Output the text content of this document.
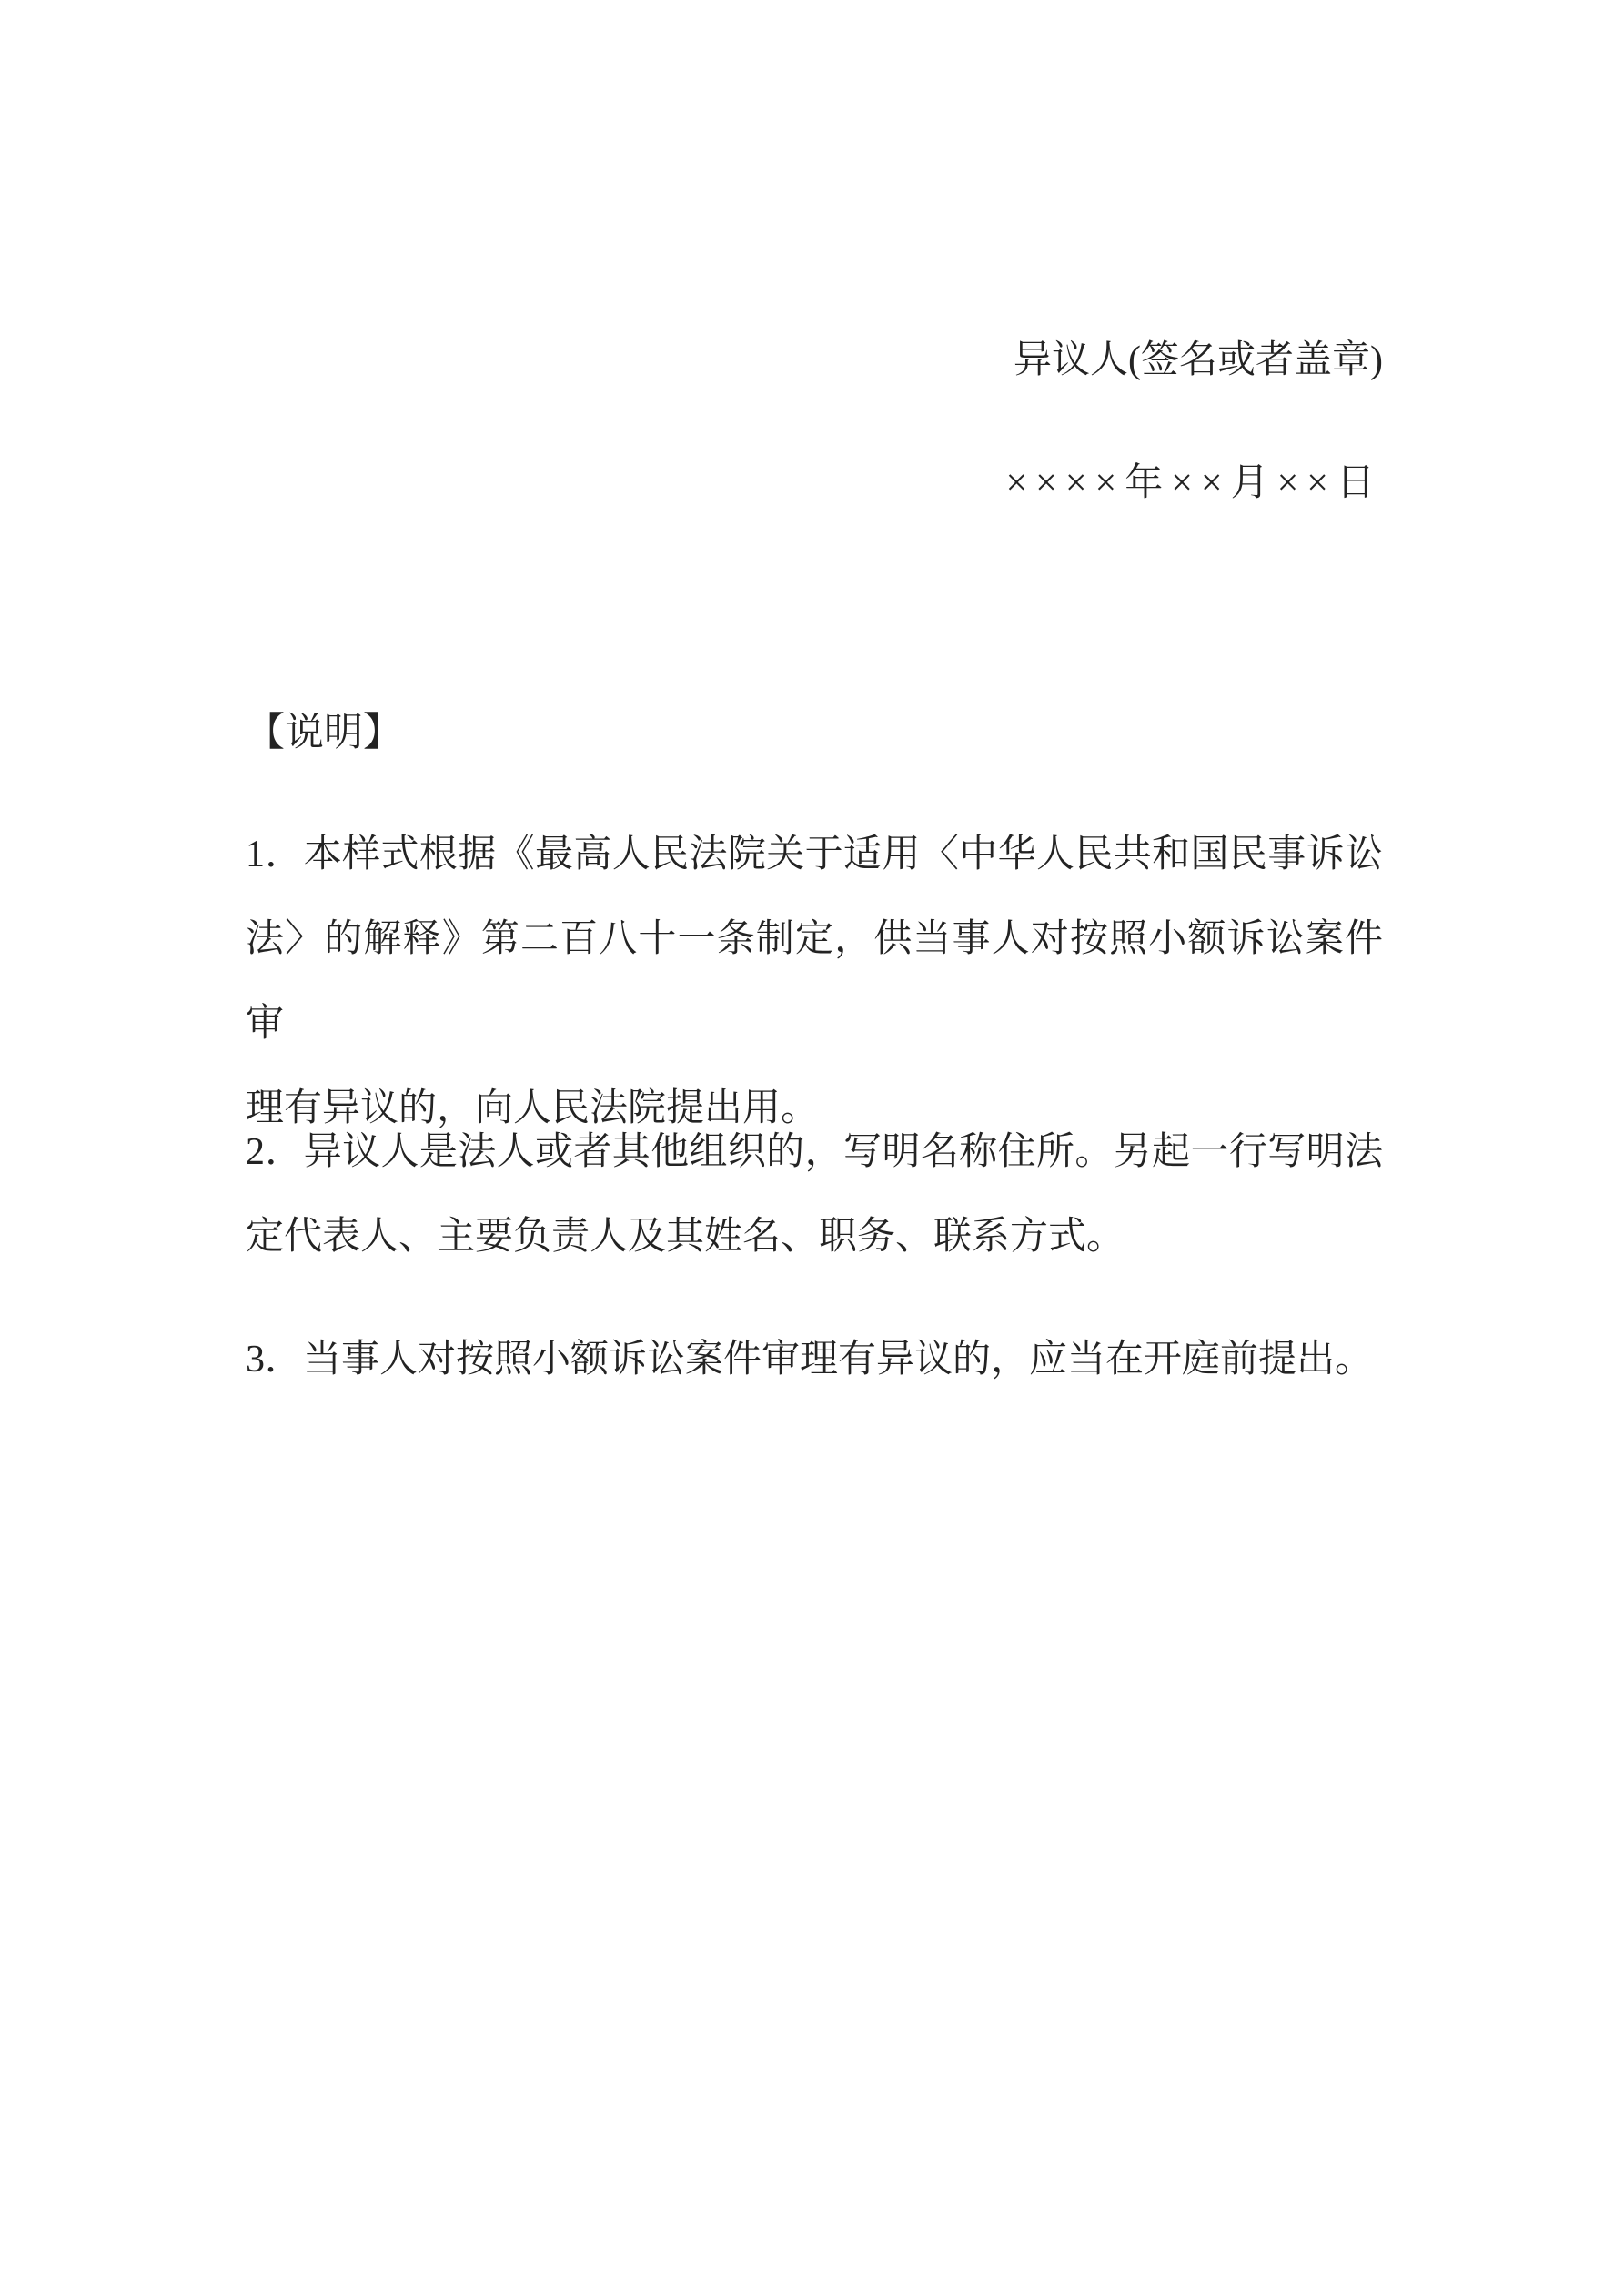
异议人(签名或者盖章)
××××年××月××日
【说明】
1．本样式根据《最高人民法院关于适用〈中华人民共和国民事诉讼
法〉的解释》第二百八十一条制定，供当事人对按照小额诉讼案件审
理有异议的，向人民法院提出用。
2．异议人是法人或者其他组织的，写明名称住所。另起一行写明法
定代表人、主要负责人及其姓名、职务、联系方式。
3．当事人对按照小额诉讼案件审理有异议的，应当在开庭前提出。
